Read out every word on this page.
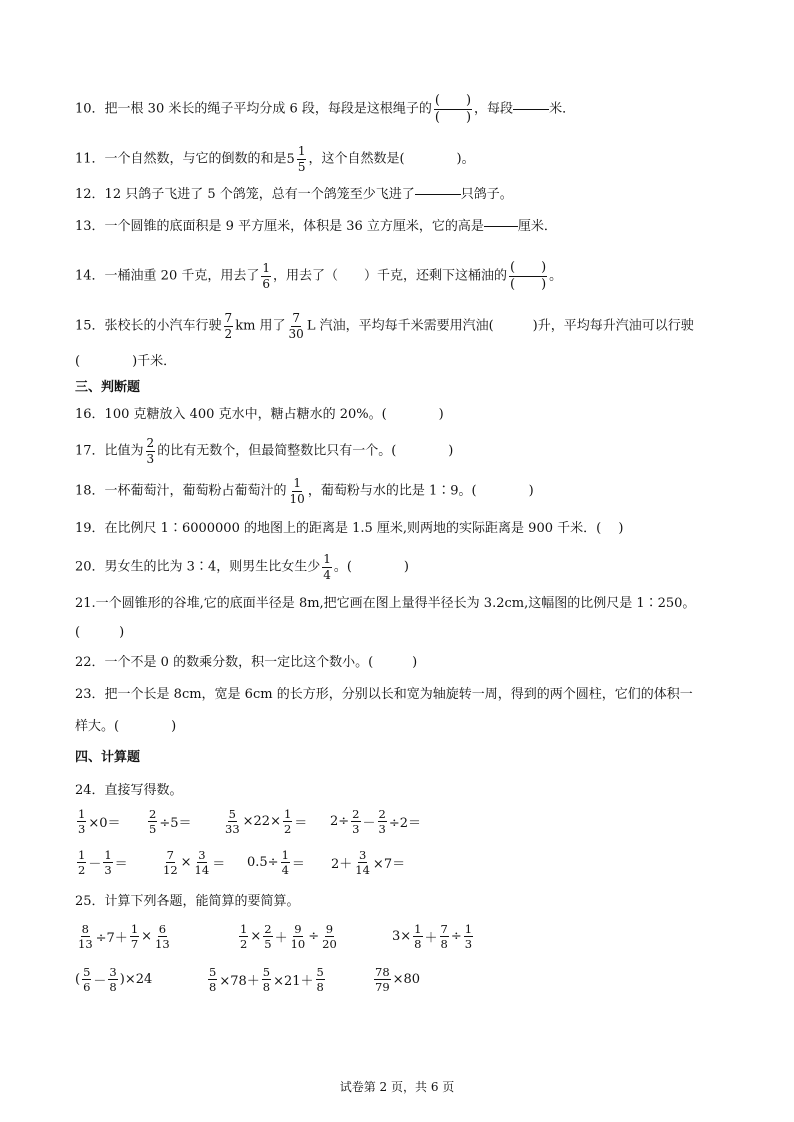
10．把一根 30 米长的绳子平均分成 6 段，每段是这根绳子的 $\frac{( )}{( )}$ ，每段	米．
11．一个自然数，与它的倒数的和是 $5 \frac{1}{5}$ ，这个自然数是(　　　　)。
12．12 只鸽子飞进了 5 个鸽笼，总有一个鸽笼至少飞进了	只鸽子。
13．一个圆锥的底面积是 9 平方厘米，体积是 36 立方厘米，它的高是	厘米．
14．一桶油重 20 千克，用去了 $\frac{1}{6}$ ，用去了（　　）千克，还剩下这桶油的 $\frac{( )}{( )}$ 。
15．张校长的小汽车行驶 $\frac{7}{2}$ km 用了 $\frac{7}{30}$ L 汽油，平均每千米需要用汽油(　　　)升，平均每升汽油可以行驶
(　　　　)千米．
三、判断题
16．100 克糖放入 400 克水中，糖占糖水的 20%。(　　　　)
17．比值为 $\frac{2}{3}$ 的比有无数个，但最简整数比只有一个。(　　　　)
18．一杯葡萄汁，葡萄粉占葡萄汁的 $\frac{1}{10}$ ，葡萄粉与水的比是 1∶9。(　　　　)
19．在比例尺 1∶6000000 的地图上的距离是 1.5 厘米,则两地的实际距离是 900 千米．(　 )
20．男女生的比为 3∶4，则男生比女生少 $\frac{1}{4}$ 。(　　　　)
21.一个圆锥形的谷堆,它的底面半径是 8m,把它画在图上量得半径长为 3.2cm,这幅图的比例尺是 1∶250。
(　　　)
22．一个不是 0 的数乘分数，积一定比这个数小。(　　　)
23．把一个长是 8cm，宽是 6cm 的长方形，分别以长和宽为轴旋转一周，得到的两个圆柱，它们的体积一
样大。(　　　　)
四、计算题
24．直接写得数。
$\frac{1}{3} \times 0= \frac{2}{5} \div 5=$	$\frac{5}{33} \times 22\times \frac{1}{2} = 2\div \frac{2}{3} - \frac{2}{3} \div 2=$
$\frac{1}{2} - \frac{1}{3}$ ＝	$\frac{7}{12} \times \frac{3}{14} = 0.5\div \frac{1}{4} = 2+ \frac{3}{14} \times 7=$
25．计算下列各题，能简算的要简算。
$\frac{8}{13} \div 7+ \frac{1}{7} \times \frac{6}{13}$	$\frac{1}{2} \times \frac{2}{5} + \frac{9}{10} \div \frac{9}{20}$	$3\times \frac{1}{8} + \frac{7}{8} \div \frac{1}{3}$
( $\frac{5}{6} - \frac{3}{8} )\times 24$	$\frac{5}{8} \times 78+ \frac{5}{8} \times 21+ \frac{5}{8}$	$\frac{78}{79} \times 80$
试卷第 2 页，共 6 页
